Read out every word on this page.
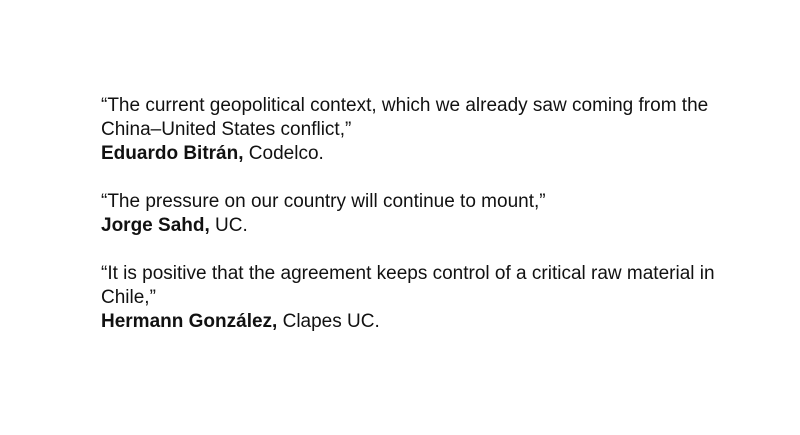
“The current geopolitical context, which we already saw coming from the China–United States conflict,”
Eduardo Bitrán, Codelco.
“The pressure on our country will continue to mount,”
Jorge Sahd, UC.
“It is positive that the agreement keeps control of a critical raw material in Chile,”
Hermann González, Clapes UC.
